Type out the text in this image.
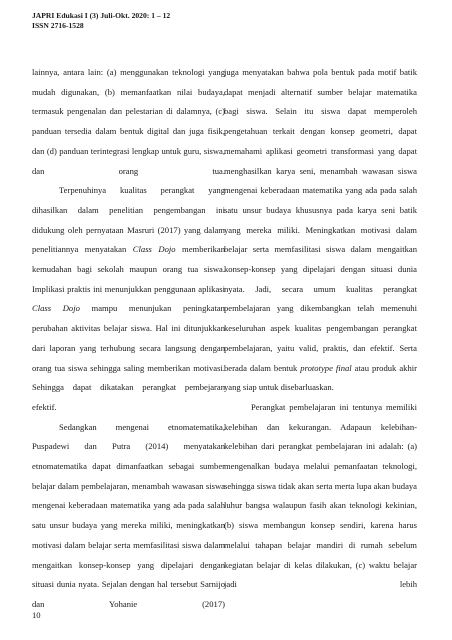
JAPRI Edukasi I (3) Juli-Okt. 2020: 1 – 12
ISSN 2716-1528

lainnya, antara lain: (a) menggunakan teknologi yang mudah digunakan, (b) memanfaatkan nilai budaya, termasuk pengenalan dan pelestarian di dalamnya, (c) panduan tersedia dalam bentuk digital dan juga fisik, dan (d) panduan terintegrasi lengkap untuk guru, siswa, dan orang tua.

Terpenuhinya kualitas perangkat yang dihasilkan dalam penelitian pengembangan ini didukung oleh pernyataan Masruri (2017) yang dalam penelitiannya menyatakan Class Dojo memberikan kemudahan bagi sekolah maupun orang tua siswa. Implikasi praktis ini menunjukkan penggunaan aplikasi Class Dojo mampu menunjukan peningkatan perubahan aktivitas belajar siswa. Hal ini ditunjukkan dari laporan yang terhubung secara langsung dengan orang tua siswa sehingga saling memberikan motivasi. Sehingga dapat dikatakan perangkat pembejaran efektif.

Sedangkan mengenai etnomatematika, Puspadewi dan Putra (2014) menyatakan etnomatematika dapat dimanfaatkan sebagai sumber belajar dalam pembelajaran, menambah wawasan siswa mengenai keberadaan matematika yang ada pada salah satu unsur budaya yang mereka miliki, meningkatkan motivasi dalam belajar serta memfasilitasi siswa dalam mengaitkan konsep-konsep yang dipelajari dengan situasi dunia nyata. Sejalan dengan hal tersebut Sarnijo dan Yohanie (2017)

juga menyatakan bahwa pola bentuk pada motif batik dapat menjadi alternatif sumber belajar matematika bagi siswa. Selain itu siswa dapat memperoleh pengetahuan terkait dengan konsep geometri, dapat memahami aplikasi geometri transformasi yang dapat menghasilkan karya seni, menambah wawasan siswa mengenai keberadaan matematika yang ada pada salah satu unsur budaya khususnya pada karya seni batik yang mereka miliki. Meningkatkan motivasi dalam belajar serta memfasilitasi siswa dalam mengaitkan konsep-konsep yang dipelajari dengan situasi dunia nyata. Jadi, secara umum kualitas perangkat pembelajaran yang dikembangkan telah memenuhi keseluruhan aspek kualitas pengembangan perangkat pembelajaran, yaitu valid, praktis, dan efektif. Serta berada dalam bentuk prototype final atau produk akhir yang siap untuk disebarluaskan.

Perangkat pembelajaran ini tentunya memiliki kelebihan dan kekurangan. Adapaun kelebihan-kelebihan dari perangkat pembelajaran ini adalah: (a) mengenalkan budaya melalui pemanfaatan teknologi, sehingga siswa tidak akan serta merta lupa akan budaya luhur bangsa walaupun fasih akan teknologi kekinian, (b) siswa membangun konsep sendiri, karena harus melalui tahapan belajar mandiri di rumah sebelum kegiatan belajar di kelas dilakukan, (c) waktu belajar jadi lebih

10
